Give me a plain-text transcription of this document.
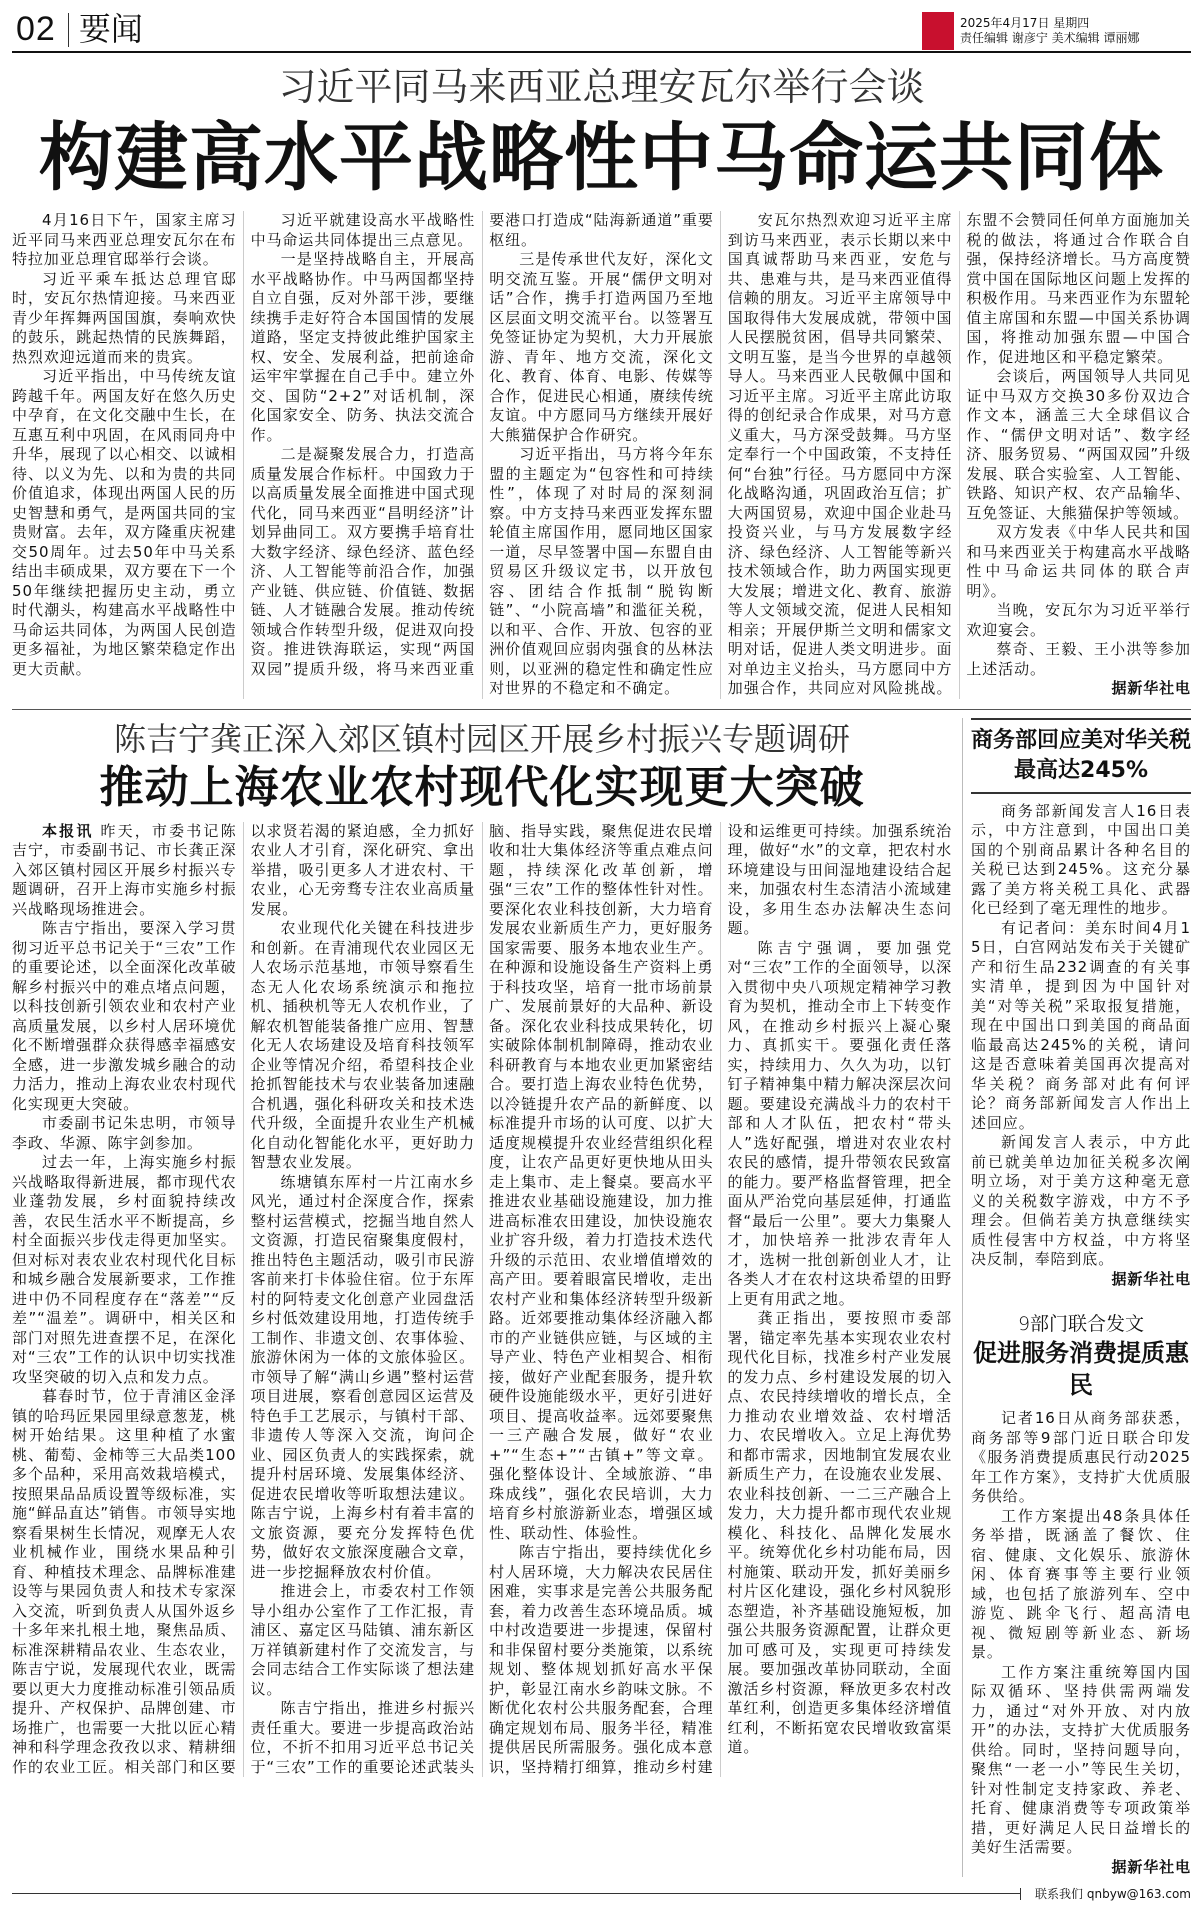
02 要闻	2025年4月17日 星期四
责任编辑 谢彦宁 美术编辑 谭丽娜
习近平同马来西亚总理安瓦尔举行会谈
构建高水平战略性中马命运共同体

4月16日下午，国家主席习近平同马来西亚总理安瓦尔在布特拉加亚总理官邸举行会谈。

习近平乘车抵达总理官邸时，安瓦尔热情迎接。马来西亚青少年挥舞两国国旗，奏响欢快的鼓乐，跳起热情的民族舞蹈，热烈欢迎远道而来的贵宾。

习近平指出，中马传统友谊跨越千年。两国友好在悠久历史中孕育，在文化交融中生长，在互惠互利中巩固，在风雨同舟中升华，展现了以心相交、以诚相待、以义为先、以和为贵的共同价值追求，体现出两国人民的历史智慧和勇气，是两国共同的宝贵财富。去年，双方隆重庆祝建交50周年。过去50年中马关系结出丰硕成果，双方要在下一个50年继续把握历史主动，勇立时代潮头，构建高水平战略性中马命运共同体，为两国人民创造更多福祉，为地区繁荣稳定作出更大贡献。

习近平就建设高水平战略性中马命运共同体提出三点意见。

一是坚持战略自主，开展高水平战略协作。中马两国都坚持自立自强，反对外部干涉，要继续携手走好符合本国国情的发展道路，坚定支持彼此维护国家主权、安全、发展利益，把前途命运牢牢掌握在自己手中。建立外交、国防“2+2”对话机制，深化国家安全、防务、执法交流合作。

二是凝聚发展合力，打造高质量发展合作标杆。中国致力于以高质量发展全面推进中国式现代化，同马来西亚“昌明经济”计划异曲同工。双方要携手培育壮大数字经济、绿色经济、蓝色经济、人工智能等前沿合作，加强产业链、供应链、价值链、数据链、人才链融合发展。推动传统领域合作转型升级，促进双向投资。推进铁海联运，实现“两国双园”提质升级，将马来西亚重要港口打造成“陆海新通道”重要枢纽。

三是传承世代友好，深化文明交流互鉴。开展“儒伊文明对话”合作，携手打造两国乃至地区层面文明交流平台。以签署互免签证协定为契机，大力开展旅游、青年、地方交流，深化文化、教育、体育、电影、传媒等合作，促进民心相通，赓续传统友谊。中方愿同马方继续开展好大熊猫保护合作研究。

习近平指出，马方将今年东盟的主题定为“包容性和可持续性”，体现了对时局的深刻洞察。中方支持马来西亚发挥东盟轮值主席国作用，愿同地区国家一道，尽早签署中国—东盟自由贸易区升级议定书，以开放包容、团结合作抵制“脱钩断链”、“小院高墙”和滥征关税，以和平、合作、开放、包容的亚洲价值观回应弱肉强食的丛林法则，以亚洲的稳定性和确定性应对世界的不稳定和不确定。

安瓦尔热烈欢迎习近平主席到访马来西亚，表示长期以来中国真诚帮助马来西亚，安危与共、患难与共，是马来西亚值得信赖的朋友。习近平主席领导中国取得伟大发展成就，带领中国人民摆脱贫困，倡导共同繁荣、文明互鉴，是当今世界的卓越领导人。马来西亚人民敬佩中国和习近平主席。习近平主席此访取得的创纪录合作成果，对马方意义重大，马方深受鼓舞。马方坚定奉行一个中国政策，不支持任何“台独”行径。马方愿同中方深化战略沟通，巩固政治互信；扩大两国贸易，欢迎中国企业赴马投资兴业，与马方发展数字经济、绿色经济、人工智能等新兴技术领域合作，助力两国实现更大发展；增进文化、教育、旅游等人文领域交流，促进人民相知相亲；开展伊斯兰文明和儒家文明对话，促进人类文明进步。面对单边主义抬头，马方愿同中方加强合作，共同应对风险挑战。东盟不会赞同任何单方面施加关税的做法，将通过合作联合自强，保持经济增长。马方高度赞赏中国在国际地区问题上发挥的积极作用。马来西亚作为东盟轮值主席国和东盟—中国关系协调国，将推动加强东盟—中国合作，促进地区和平稳定繁荣。

会谈后，两国领导人共同见证中马双方交换30多份双边合作文本，涵盖三大全球倡议合作、“儒伊文明对话”、数字经济、服务贸易、“两国双园”升级发展、联合实验室、人工智能、铁路、知识产权、农产品输华、互免签证、大熊猫保护等领域。

双方发表《中华人民共和国和马来西亚关于构建高水平战略性中马命运共同体的联合声明》。

当晚，安瓦尔为习近平举行欢迎宴会。

蔡奇、王毅、王小洪等参加上述活动。

据新华社电

陈吉宁龚正深入郊区镇村园区开展乡村振兴专题调研
推动上海农业农村现代化实现更大突破

本报讯 昨天，市委书记陈吉宁，市委副书记、市长龚正深入郊区镇村园区开展乡村振兴专题调研，召开上海市实施乡村振兴战略现场推进会。

陈吉宁指出，要深入学习贯彻习近平总书记关于“三农”工作的重要论述，以全面深化改革破解乡村振兴中的难点堵点问题，以科技创新引领农业和农村产业高质量发展，以乡村人居环境优化不断增强群众获得感幸福感安全感，进一步激发城乡融合的动力活力，推动上海农业农村现代化实现更大突破。

市委副书记朱忠明，市领导李政、华源、陈宇剑参加。

过去一年，上海实施乡村振兴战略取得新进展，都市现代农业蓬勃发展，乡村面貌持续改善，农民生活水平不断提高，乡村全面振兴步伐走得更加坚实。但对标对表农业农村现代化目标和城乡融合发展新要求，工作推进中仍不同程度存在“落差”“反差”“温差”。调研中，相关区和部门对照先进查摆不足，在深化对“三农”工作的认识中切实找准攻坚突破的切入点和发力点。

暮春时节，位于青浦区金泽镇的哈玛匠果园里绿意葱茏，桃树开始结果。这里种植了水蜜桃、葡萄、金柿等三大品类100多个品种，采用高效栽培模式，按照果品品质设置等级标准，实施“鲜品直达”销售。市领导实地察看果树生长情况，观摩无人农业机械作业，围绕水果品种引育、种植技术理念、品牌标准建设等与果园负责人和技术专家深入交流，听到负责人从国外返乡十多年来扎根土地，聚焦品质、标准深耕精品农业、生态农业，陈吉宁说，发展现代农业，既需要以更大力度推动标准引领品质提升、产权保护、品牌创建、市场推广，也需要一大批以匠心精神和科学理念孜孜以求、精耕细作的农业工匠。相关部门和区要以求贤若渴的紧迫感，全力抓好农业人才引育，深化研究、拿出举措，吸引更多人才进农村、干农业，心无旁骛专注农业高质量发展。

农业现代化关键在科技进步和创新。在青浦现代农业园区无人农场示范基地，市领导察看生态无人化农场系统演示和拖拉机、插秧机等无人农机作业，了解农机智能装备推广应用、智慧化无人农场建设及培育科技领军企业等情况介绍，希望科技企业抢抓智能技术与农业装备加速融合机遇，强化科研攻关和技术迭代升级，全面提升农业生产机械化自动化智能化水平，更好助力智慧农业发展。

练塘镇东厍村一片江南水乡风光，通过村企深度合作，探索整村运营模式，挖掘当地自然人文资源，打造民宿聚集度假村，推出特色主题活动，吸引市民游客前来打卡体验住宿。位于东厍村的阿特麦文化创意产业园盘活乡村低效建设用地，打造传统手工制作、非遗文创、农事体验、旅游休闲为一体的文旅体验区。市领导了解“满山乡遇”整村运营项目进展，察看创意园区运营及特色手工艺展示，与镇村干部、非遗传人等深入交流，询问企业、园区负责人的实践探索，就提升村居环境、发展集体经济、促进农民增收等听取想法建议。陈吉宁说，上海乡村有着丰富的文旅资源，要充分发挥特色优势，做好农文旅深度融合文章，进一步挖掘释放农村价值。

推进会上，市委农村工作领导小组办公室作了工作汇报，青浦区、嘉定区马陆镇、浦东新区万祥镇新建村作了交流发言，与会同志结合工作实际谈了想法建议。

陈吉宁指出，推进乡村振兴责任重大。要进一步提高政治站位，不折不扣用习近平总书记关于“三农”工作的重要论述武装头脑、指导实践，聚焦促进农民增收和壮大集体经济等重点难点问题，持续深化改革创新，增强“三农”工作的整体性针对性。要深化农业科技创新，大力培育发展农业新质生产力，更好服务国家需要、服务本地农业生产。在种源和设施设备生产资料上勇于科技攻坚，培育一批市场前景广、发展前景好的大品种、新设备。深化农业科技成果转化，切实破除体制机制障碍，推动农业科研教育与本地农业更加紧密结合。要打造上海农业特色优势，以冷链提升农产品的新鲜度、以标准提升市场的认可度、以扩大适度规模提升农业经营组织化程度，让农产品更好更快地从田头走上集市、走上餐桌。要高水平推进农业基础设施建设，加力推进高标准农田建设，加快设施农业扩容升级，着力打造技术迭代升级的示范田、农业增值增效的高产田。要着眼富民增收，走出农村产业和集体经济转型升级新路。近郊要推动集体经济融入都市的产业链供应链，与区域的主导产业、特色产业相契合、相衔接，做好产业配套服务，提升软硬件设施能级水平，更好引进好项目、提高收益率。远郊要聚焦一三产融合发展，做好“农业+”“生态+”“古镇+”等文章。强化整体设计、全域旅游、“串珠成线”，强化农民培训，大力培育乡村旅游新业态，增强区域性、联动性、体验性。

陈吉宁指出，要持续优化乡村人居环境，大力解决农民居住困难，实事求是完善公共服务配套，着力改善生态环境品质。城中村改造要进一步提速，保留村和非保留村要分类施策，以系统规划、整体规划抓好高水平保护，彰显江南水乡韵味文脉。不断优化农村公共服务配套，合理确定规划布局、服务半径，精准提供居民所需服务。强化成本意识，坚持精打细算，推动乡村建设和运维更可持续。加强系统治理，做好“水”的文章，把农村水环境建设与田间湿地建设结合起来，加强农村生态清洁小流域建设，多用生态办法解决生态问题。

陈吉宁强调，要加强党对“三农”工作的全面领导，以深入贯彻中央八项规定精神学习教育为契机，推动全市上下转变作风，在推动乡村振兴上凝心聚力、真抓实干。要强化责任落实，持续用力、久久为功，以钉钉子精神集中精力解决深层次问题。要建设充满战斗力的农村干部和人才队伍，把农村“带头人”选好配强，增进对农业农村农民的感情，提升带领农民致富的能力。要严格监督管理，把全面从严治党向基层延伸，打通监督“最后一公里”。要大力集聚人才，加快培养一批涉农青年人才，选树一批创新创业人才，让各类人才在农村这块希望的田野上更有用武之地。

龚正指出，要按照市委部署，锚定率先基本实现农业农村现代化目标，找准乡村产业发展的发力点、乡村建设发展的切入点、农民持续增收的增长点，全力推动农业增效益、农村增活力、农民增收入。立足上海优势和都市需求，因地制宜发展农业新质生产力，在设施农业发展、农业科技创新、一二三产融合上发力，大力提升都市现代农业规模化、科技化、品牌化发展水平。统筹优化乡村功能布局，因村施策、联动开发，抓好美丽乡村片区化建设，强化乡村风貌形态塑造，补齐基础设施短板，加强公共服务资源配置，让群众更加可感可及，实现更可持续发展。要加强改革协同联动，全面激活乡村资源，释放更多农村改革红利，创造更多集体经济增值红利，不断拓宽农民增收致富渠道。

商务部回应美对华关税最高达245%

商务部新闻发言人16日表示，中方注意到，中国出口美国的个别商品累计各种名目的关税已达到245%。这充分暴露了美方将关税工具化、武器化已经到了毫无理性的地步。

有记者问：美东时间4月15日，白宫网站发布关于关键矿产和衍生品232调查的有关事实清单，提到因为中国针对美“对等关税”采取报复措施，现在中国出口到美国的商品面临最高达245%的关税，请问这是否意味着美国再次提高对华关税？商务部对此有何评论？商务部新闻发言人作出上述回应。

新闻发言人表示，中方此前已就美单边加征关税多次阐明立场，对于美方这种毫无意义的关税数字游戏，中方不予理会。但倘若美方执意继续实质性侵害中方权益，中方将坚决反制，奉陪到底。

据新华社电

9部门联合发文
促进服务消费提质惠民

记者16日从商务部获悉，商务部等9部门近日联合印发《服务消费提质惠民行动2025年工作方案》，支持扩大优质服务供给。

工作方案提出48条具体任务举措，既涵盖了餐饮、住宿、健康、文化娱乐、旅游休闲、体育赛事等主要行业领域，也包括了旅游列车、空中游览、跳伞飞行、超高清电视、微短剧等新业态、新场景。

工作方案注重统筹国内国际双循环、坚持供需两端发力，通过“对外开放、对内放开”的办法，支持扩大优质服务供给。同时，坚持问题导向，聚焦“一老一小”等民生关切，针对性制定支持家政、养老、托育、健康消费等专项政策举措，更好满足人民日益增长的美好生活需要。

据新华社电

联系我们 qnbyw@163.com
